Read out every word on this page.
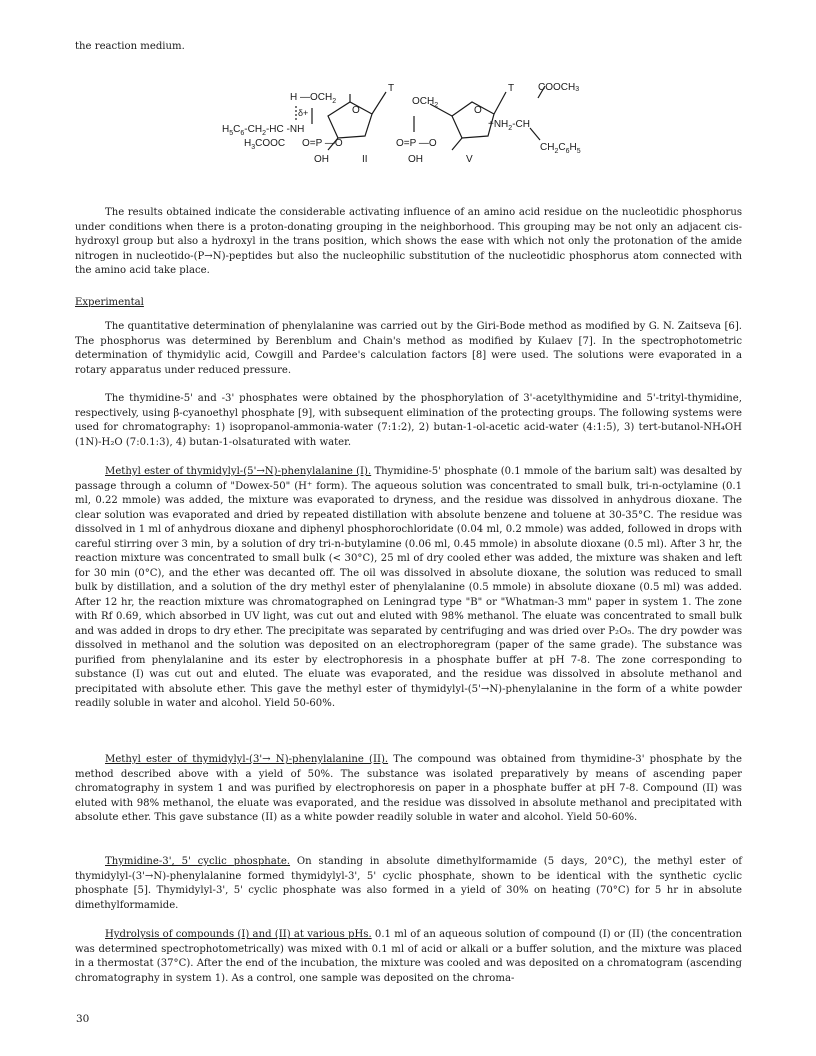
the reaction medium.
T	T
H $—OCH_2$
δ+	O
$H_5C_6-CH_2-HC$ -NH
$H_3COOC$ O=P —O
OH	II
$OCH_2$	O
O=P —O
OH	V
$+NH_2-CH$
$COOCH_3$
$CH_2C_6H_5$

The results obtained indicate the considerable activating influence of an amino acid residue on the nucleotidic phosphorus under conditions when there is a proton-donating grouping in the neighborhood. This grouping may be not only an adjacent cis-hydroxyl group but also a hydroxyl in the trans position, which shows the ease with which not only the protonation of the amide nitrogen in nucleotido-(P→N)-peptides but also the nucleophilic substitution of the nucleotidic phosphorus atom connected with the amino acid take place.

Experimental

The quantitative determination of phenylalanine was carried out by the Giri-Bode method as modified by G. N. Zaitseva [6]. The phosphorus was determined by Berenblum and Chain's method as modified by Kulaev [7]. In the spectrophotometric determination of thymidylic acid, Cowgill and Pardee's calculation factors [8] were used. The solutions were evaporated in a rotary apparatus under reduced pressure.

The thymidine-5' and -3' phosphates were obtained by the phosphorylation of 3'-acetylthymidine and 5'-trityl-thymidine, respectively, using β-cyanoethyl phosphate [9], with subsequent elimination of the protecting groups. The following systems were used for chromatography: 1) isopropanol-ammonia-water (7:1:2), 2) butan-1-ol-acetic acid-water (4:1:5), 3) tert-butanol-NH₄OH (1N)-H₂O (7:0.1:3), 4) butan-1-olsaturated with water.

Methyl ester of thymidylyl-(5'→N)-phenylalanine (I). Thymidine-5' phosphate (0.1 mmole of the barium salt) was desalted by passage through a column of "Dowex-50" (H⁺ form). The aqueous solution was concentrated to small bulk, tri-n-octylamine (0.1 ml, 0.22 mmole) was added, the mixture was evaporated to dryness, and the residue was dissolved in anhydrous dioxane. The clear solution was evaporated and dried by repeated distillation with absolute benzene and toluene at 30-35°C. The residue was dissolved in 1 ml of anhydrous dioxane and diphenyl phosphorochloridate (0.04 ml, 0.2 mmole) was added, followed in drops with careful stirring over 3 min, by a solution of dry tri-n-butylamine (0.06 ml, 0.45 mmole) in absolute dioxane (0.5 ml). After 3 hr, the reaction mixture was concentrated to small bulk (< 30°C), 25 ml of dry cooled ether was added, the mixture was shaken and left for 30 min (0°C), and the ether was decanted off. The oil was dissolved in absolute dioxane, the solution was reduced to small bulk by distillation, and a solution of the dry methyl ester of phenylalanine (0.5 mmole) in absolute dioxane (0.5 ml) was added. After 12 hr, the reaction mixture was chromatographed on Leningrad type "B" or "Whatman-3 mm" paper in system 1. The zone with Rf 0.69, which absorbed in UV light, was cut out and eluted with 98% methanol. The eluate was concentrated to small bulk and was added in drops to dry ether. The precipitate was separated by centrifuging and was dried over P₂O₅. The dry powder was dissolved in methanol and the solution was deposited on an electrophoregram (paper of the same grade). The substance was purified from phenylalanine and its ester by electrophoresis in a phosphate buffer at pH 7-8. The zone corresponding to substance (I) was cut out and eluted. The eluate was evaporated, and the residue was dissolved in absolute methanol and precipitated with absolute ether. This gave the methyl ester of thymidylyl-(5'→N)-phenylalanine in the form of a white powder readily soluble in water and alcohol. Yield 50-60%.

Methyl ester of thymidylyl-(3'→ N)-phenylalanine (II). The compound was obtained from thymidine-3' phosphate by the method described above with a yield of 50%. The substance was isolated preparatively by means of ascending paper chromatography in system 1 and was purified by electrophoresis on paper in a phosphate buffer at pH 7-8. Compound (II) was eluted with 98% methanol, the eluate was evaporated, and the residue was dissolved in absolute methanol and precipitated with absolute ether. This gave substance (II) as a white powder readily soluble in water and alcohol. Yield 50-60%.

Thymidine-3', 5' cyclic phosphate. On standing in absolute dimethylformamide (5 days, 20°C), the methyl ester of thymidylyl-(3'→N)-phenylalanine formed thymidylyl-3', 5' cyclic phosphate, shown to be identical with the synthetic cyclic phosphate [5]. Thymidylyl-3', 5' cyclic phosphate was also formed in a yield of 30% on heating (70°C) for 5 hr in absolute dimethylformamide.

Hydrolysis of compounds (I) and (II) at various pHs. 0.1 ml of an aqueous solution of compound (I) or (II) (the concentration was determined spectrophotometrically) was mixed with 0.1 ml of acid or alkali or a buffer solution, and the mixture was placed in a thermostat (37°C). After the end of the incubation, the mixture was cooled and was deposited on a chromatogram (ascending chromatography in system 1). As a control, one sample was deposited on the chroma-

30
